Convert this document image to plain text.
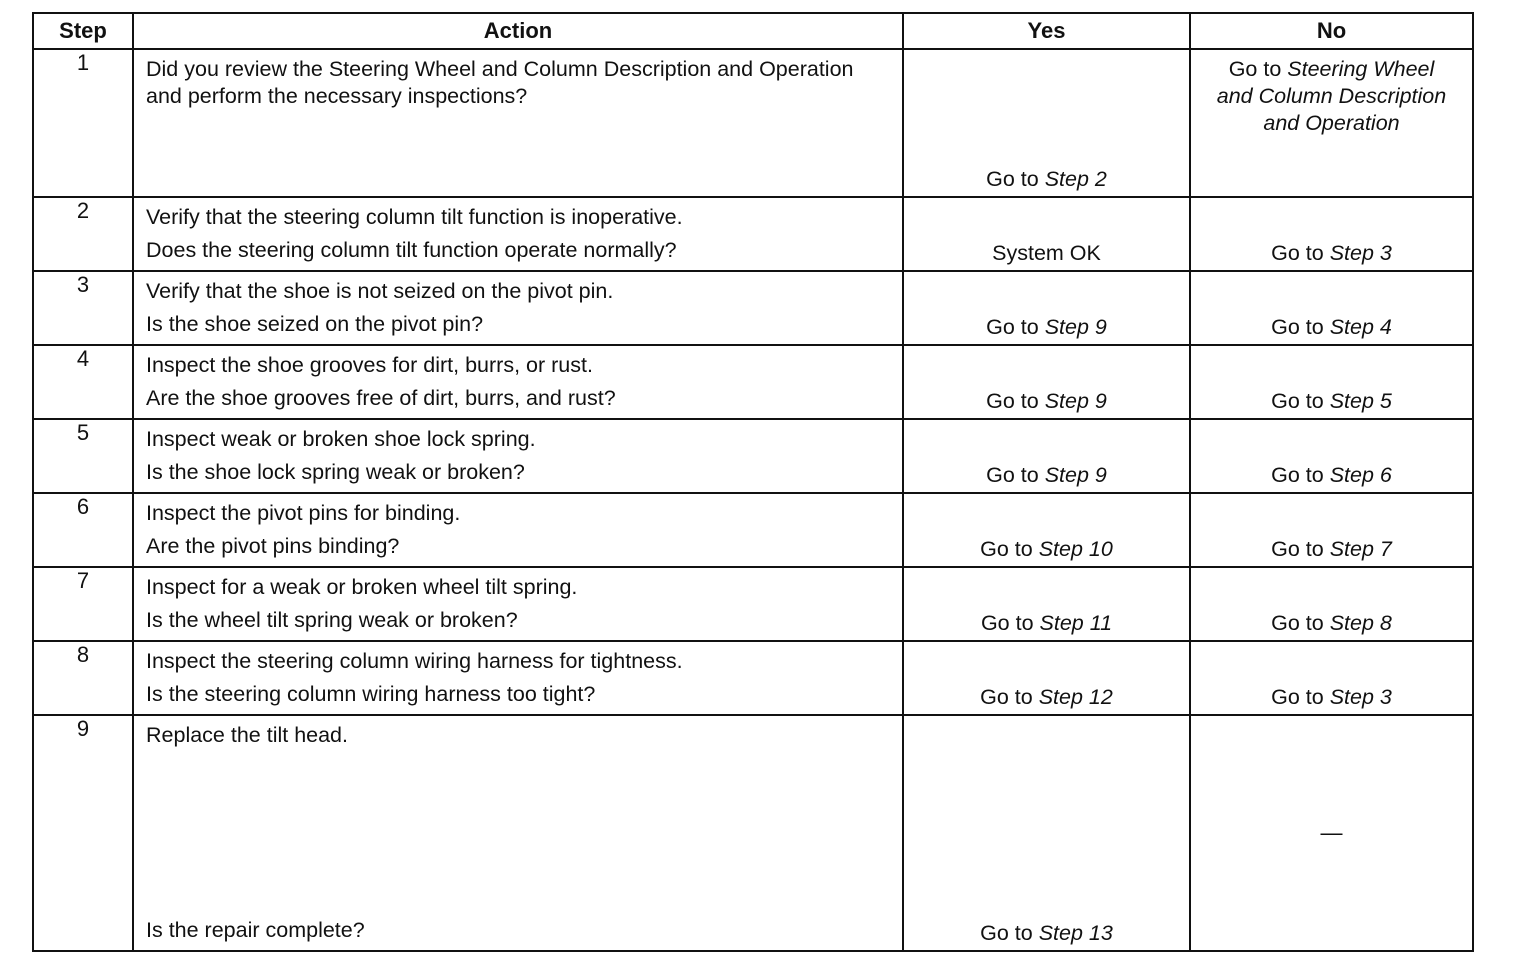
Step	Action	Yes	No
1	Did you review the Steering Wheel and Column Description and Operation and perform the necessary inspections?	Go to Step 2	Go to Steering Wheel and Column Description and Operation

2	Verify that the steering column tilt function is inoperative.
Does the steering column tilt function operate normally?	System OK	Go to Step 3

3	Verify that the shoe is not seized on the pivot pin.
Is the shoe seized on the pivot pin?	Go to Step 9	Go to Step 4

4	Inspect the shoe grooves for dirt, burrs, or rust.
Are the shoe grooves free of dirt, burrs, and rust?	Go to Step 9	Go to Step 5

5	Inspect weak or broken shoe lock spring.
Is the shoe lock spring weak or broken?	Go to Step 9	Go to Step 6

6	Inspect the pivot pins for binding.
Are the pivot pins binding?	Go to Step 10	Go to Step 7

7	Inspect for a weak or broken wheel tilt spring.
Is the wheel tilt spring weak or broken?	Go to Step 11	Go to Step 8

8	Inspect the steering column wiring harness for tightness.
Is the steering column wiring harness too tight?	Go to Step 12	Go to Step 3

9	Replace the tilt head.
Is the repair complete?	Go to Step 13	—
